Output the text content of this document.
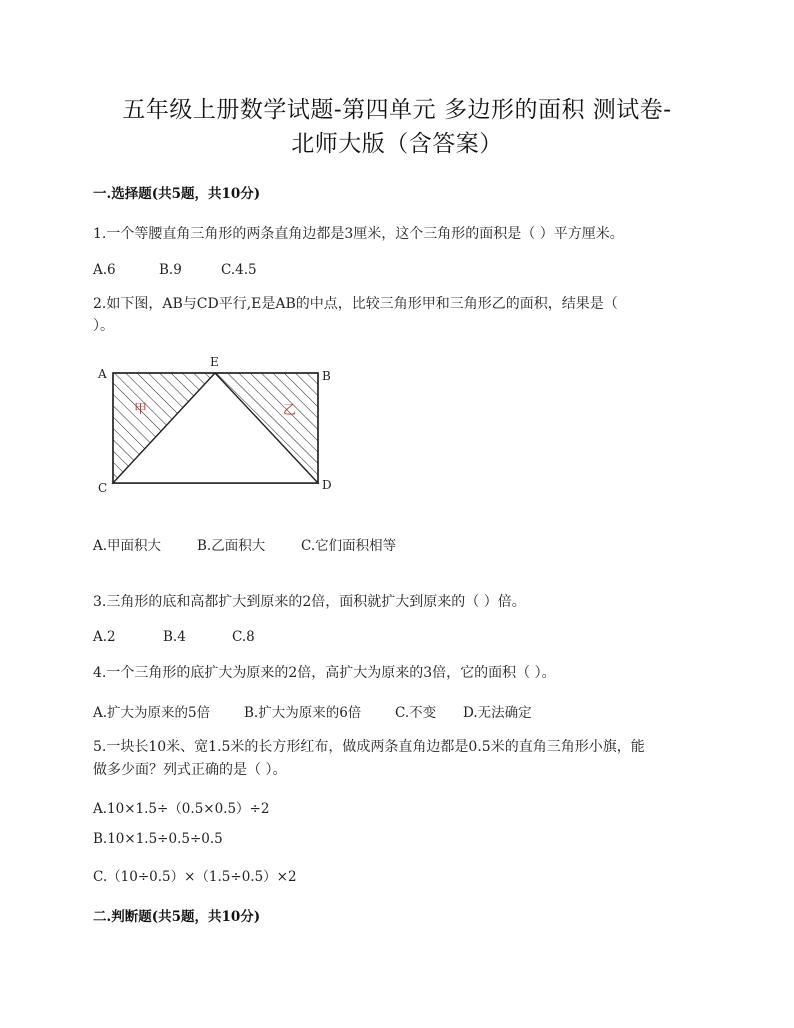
五年级上册数学试题-第四单元 多边形的面积 测试卷-
北师大版（含答案）
一.选择题(共5题，共10分)
1.一个等腰直角三角形的两条直角边都是3厘米，这个三角形的面积是（ ）平方厘米。
A.6	B.9	C.4.5
2.如下图，AB与CD平行,E是AB的中点，比较三角形甲和三角形乙的面积，结果是（
）。
A
E
B
C	D
甲	乙
A.甲面积大	B.乙面积大	C.它们面积相等
3.三角形的底和高都扩大到原来的2倍，面积就扩大到原来的（ ）倍。
A.2	B.4	C.8
4.一个三角形的底扩大为原来的2倍，高扩大为原来的3倍，它的面积（ ）。
A.扩大为原来的5倍	B.扩大为原来的6倍 C.不变 D.无法确定
5.一块长10米、宽1.5米的长方形红布，做成两条直角边都是0.5米的直角三角形小旗，能
做多少面？列式正确的是（ ）。
A.10×1.5÷（0.5×0.5）÷2
B.10×1.5÷0.5÷0.5
C.（10÷0.5）×（1.5÷0.5）×2
二.判断题(共5题，共10分)
